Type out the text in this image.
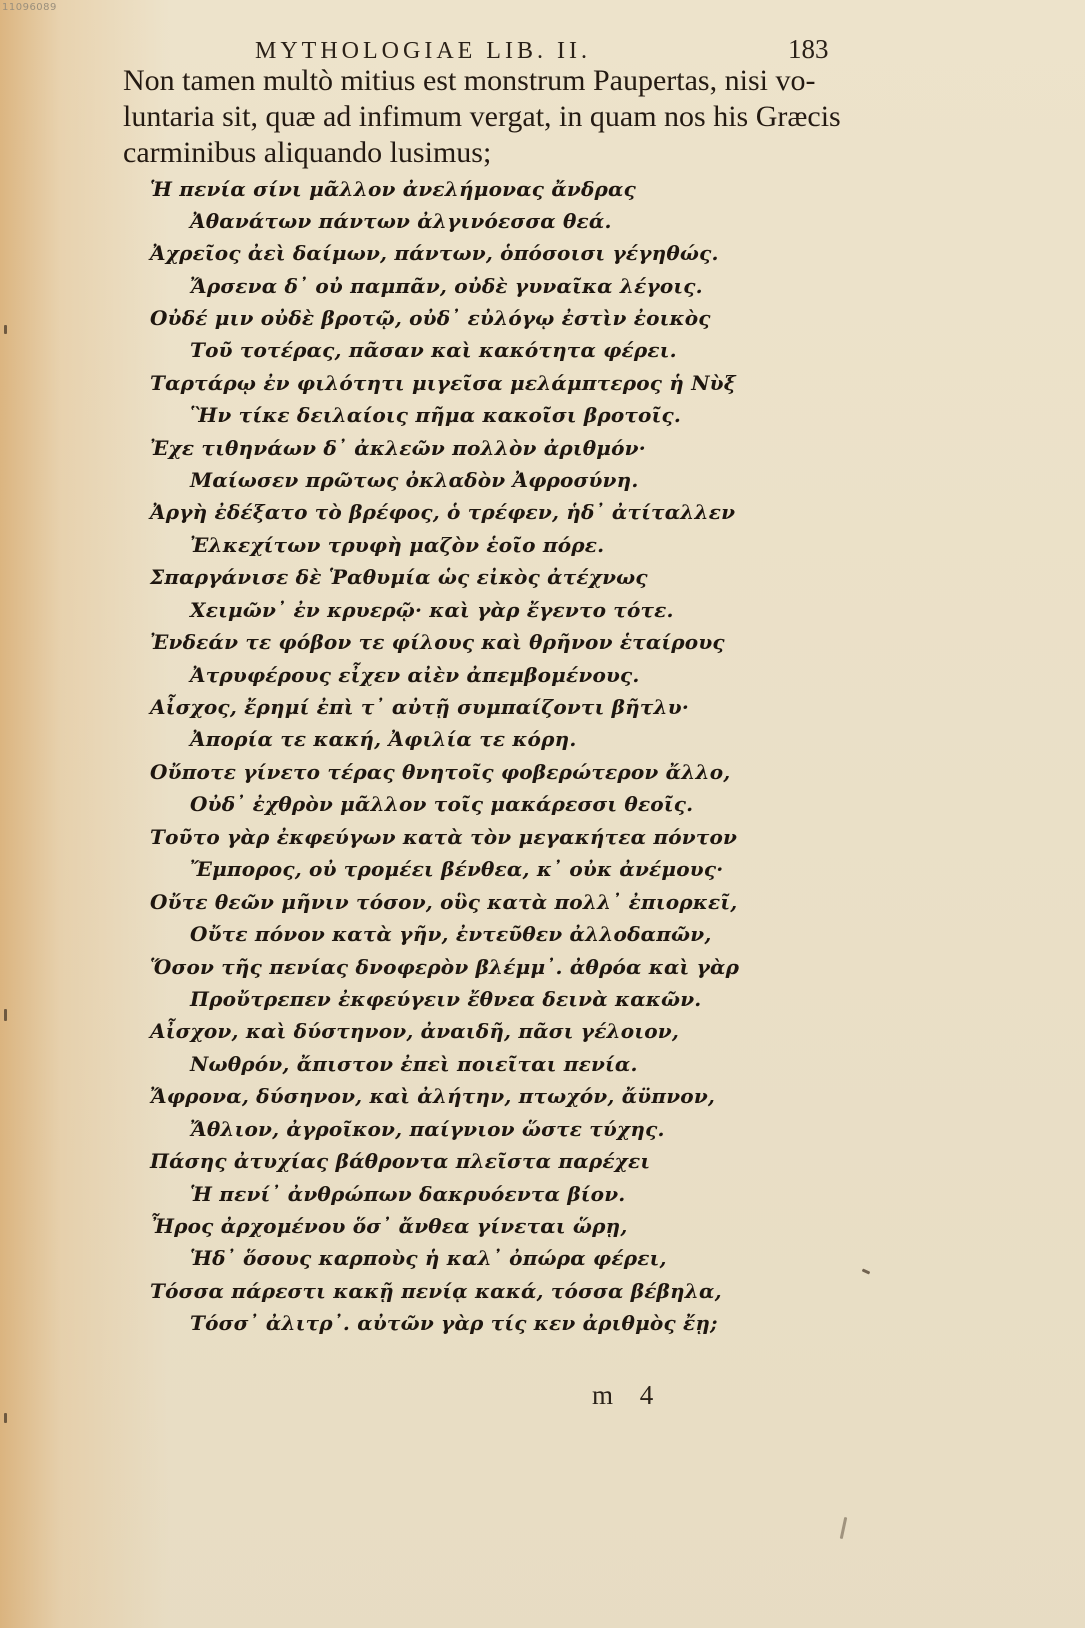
11096089
MYTHOLOGIAE LIB. II.	183
Non tamen multò mitius est monstrum Paupertas, nisi vo-
luntaria sit, quæ ad infimum vergat, in quam nos his Græcis
carminibus aliquando lusimus;
Ἡ πενία σίνι μᾶλλον ἀνελήμονας ἄνδρας
Ἀθανάτων πάντων ἀλγινόεσσα θεά.
Ἀχρεῖος ἀεὶ δαίμων, πάντων, ὁπόσοισι γέγηθώς.
Ἄρσενα δ᾽ οὐ παμπᾶν, οὐδὲ γυναῖκα λέγοις.
Οὐδέ μιν οὐδὲ βροτῷ, οὐδ᾽ εὐλόγῳ ἐστὶν ἐοικὸς
Τοῦ τοτέρας, πᾶσαν καὶ κακότητα φέρει.
Ταρτάρῳ ἐν φιλότητι μιγεῖσα μελάμπτερος ἡ Νὺξ
Ἣν τίκε δειλαίοις πῆμα κακοῖσι βροτοῖς.
Ἐχε τιθηνάων δ᾽ ἀκλεῶν πολλὸν ἀριθμόν·
Μαίωσεν πρῶτως ὀκλαδὸν Ἀφροσύνη.
Ἀργὴ ἐδέξατο τὸ βρέφος, ὁ τρέφεν, ἡδ᾽ ἀτίταλλεν
Ἐλκεχίτων τρυφὴ μαζὸν ἑοῖο πόρε.
Σπαργάνισε δὲ Ῥαθυμία ὡς εἰκὸς ἀτέχνως
Χειμῶν᾽ ἐν κρυερῷ· καὶ γὰρ ἔγεντο τότε.
Ἐνδεάν τε φόβον τε φίλους καὶ θρῆνον ἑταίρους
Ἀτρυφέρους εἶχεν αἰὲν ἀπεμβομένους.
Αἶσχος, ἔρημί ἐπὶ τ᾽ αὐτῇ συμπαίζοντι βῆτλυ·
Ἀπορία τε κακή, Ἀφιλία τε κόρη.
Οὔποτε γίνετο τέρας θνητοῖς φοβερώτερον ἄλλο,
Οὐδ᾽ ἐχθρὸν μᾶλλον τοῖς μακάρεσσι θεοῖς.
Τοῦτο γὰρ ἐκφεύγων κατὰ τὸν μεγακήτεα πόντον
Ἔμπορος, οὐ τρομέει βένθεα, κ᾽ οὐκ ἀνέμους·
Οὔτε θεῶν μῆνιν τόσον, οὓς κατὰ πολλ᾽ ἐπιορκεῖ,
Οὔτε πόνον κατὰ γῆν, ἐντεῦθεν ἀλλοδαπῶν,
Ὅσον τῆς πενίας δνοφερὸν βλέμμ᾽. ἀθρόα καὶ γὰρ
Προὔτρεπεν ἐκφεύγειν ἔθνεα δεινὰ κακῶν.
Αἶσχον, καὶ δύστηνον, ἀναιδῆ, πᾶσι γέλοιον,
Νωθρόν, ἄπιστον ἐπεὶ ποιεῖται πενία.
Ἄφρονα, δύσηνον, καὶ ἀλήτην, πτωχόν, ἄϋπνον,
Ἄθλιον, ἀγροῖκον, παίγνιον ὥστε τύχης.
Πάσης ἀτυχίας βάθροντα πλεῖστα παρέχει
Ἡ πενί᾽ ἀνθρώπων δακρυόεντα βίον.
Ἦρος ἀρχομένου ὅσ᾽ ἄνθεα γίνεται ὥρῃ,
Ἡδ᾽ ὅσους καρποὺς ἡ καλ᾽ ὀπώρα φέρει,
Τόσσα πάρεστι κακῇ πενίᾳ κακά, τόσσα βέβηλα,
Τόσσ᾽ ἀλιτρ᾽. αὐτῶν γὰρ τίς κεν ἀριθμὸς ἔῃ;
m 4
